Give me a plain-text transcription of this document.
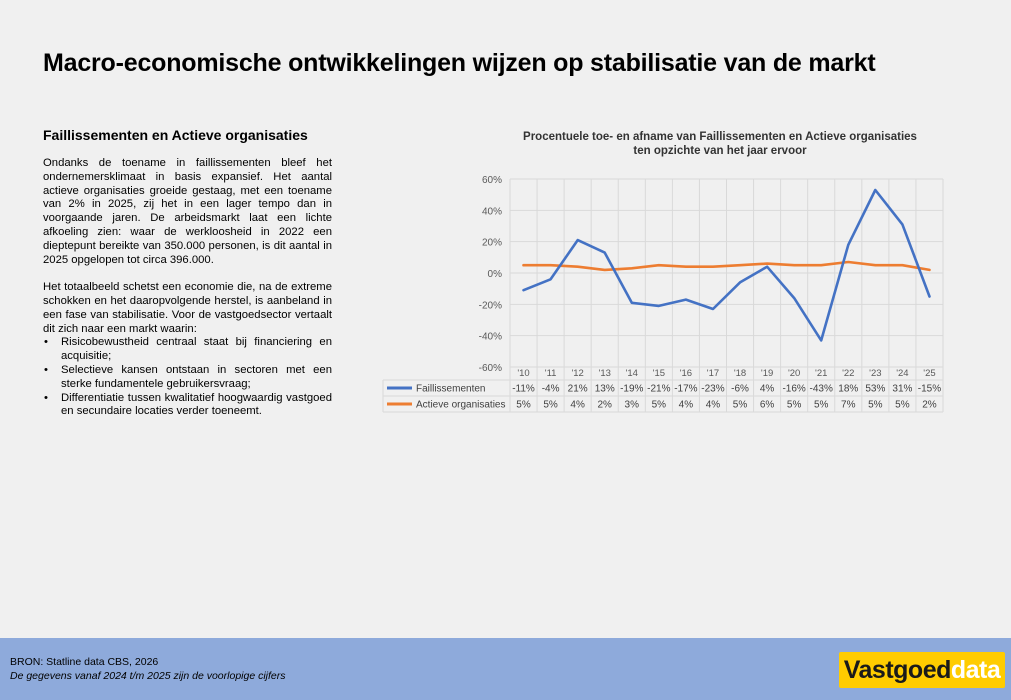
Macro-economische ontwikkelingen wijzen op stabilisatie van de markt
Faillissementen en Actieve organisaties

Ondanks de toename in faillissementen bleef het ondernemersklimaat in basis expansief. Het aantal actieve organisaties groeide gestaag, met een toename van 2% in 2025, zij het in een lager tempo dan in voorgaande jaren. De arbeidsmarkt laat een lichte afkoeling zien: waar de werkloosheid in 2022 een dieptepunt bereikte van 350.000 personen, is dit aantal in 2025 opgelopen tot circa 396.000.

Het totaalbeeld schetst een economie die, na de extreme schokken en het daaropvolgende herstel, is aanbeland in een fase van stabilisatie. Voor de vastgoedsector vertaalt dit zich naar een markt waarin:

• Risicobewustheid centraal staat bij financiering en acquisitie;
• Selectieve kansen ontstaan in sectoren met een sterke fundamentele gebruikersvraag;
• Differentiatie tussen kwalitatief hoogwaardig vastgoed en secundaire locaties verder toeneemt.
Procentuele toe- en afname van Faillissementen en Actieve organisaties
ten opzichte van het jaar ervoor
-60%
-40%
-20%
0%
20%
40%
60%
'10 '11 '12 '13 '14 '15 '16 '17 '18 '19 '20 '21 '22 '23 '24 '25
Faillissementen	-11% -4% 21% 13% -19% -21% -17% -23% -6% 4% -16% -43% 18% 53% 31% -15%
Actieve organisaties 5% 5% 4% 2% 3% 5% 4% 4% 5% 6% 5% 5% 7% 5% 5% 2%
BRON: Statline data CBS, 2026
De gegevens vanaf 2024 t/m 2025 zijn de voorlopige cijfers	Vastgoed data
